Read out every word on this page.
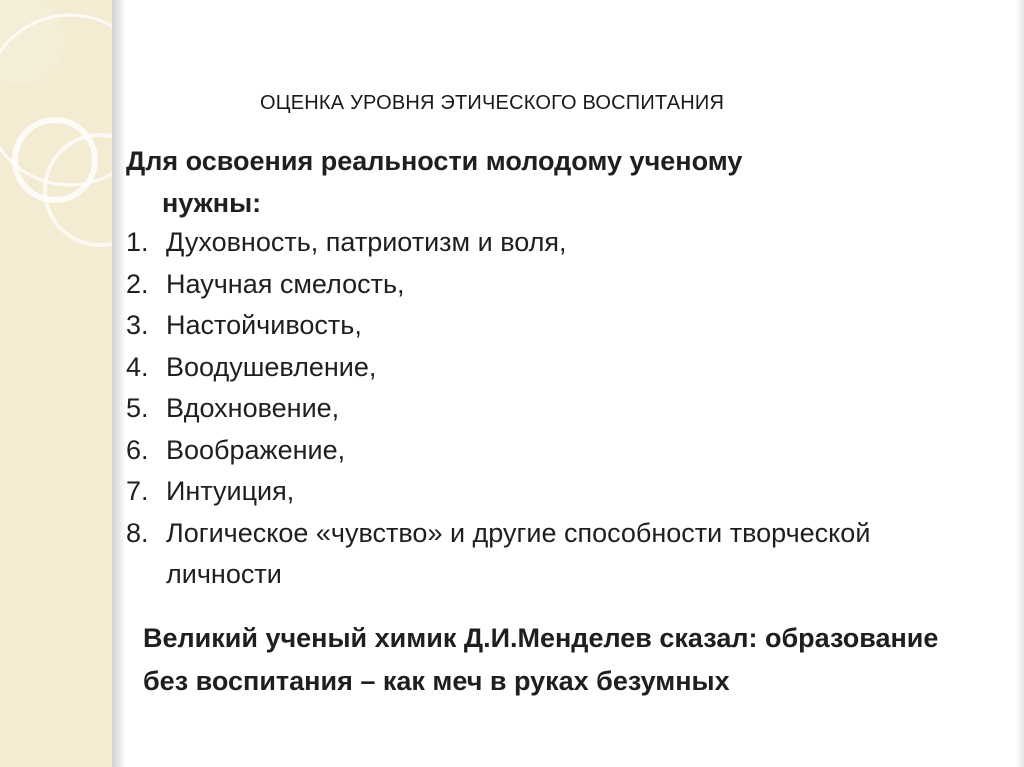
ОЦЕНКА УРОВНЯ ЭТИЧЕСКОГО ВОСПИТАНИЯ
Для освоения реальности молодому ученому
нужны:
1. Духовность, патриотизм и воля,
2. Научная смелость,
3. Настойчивость,
4. Воодушевление,
5. Вдохновение,
6. Воображение,
7. Интуиция,
8. Логическое «чувство» и другие способности творческой личности
Великий ученый химик Д.И.Менделев сказал: образование без воспитания – как меч в руках безумных
